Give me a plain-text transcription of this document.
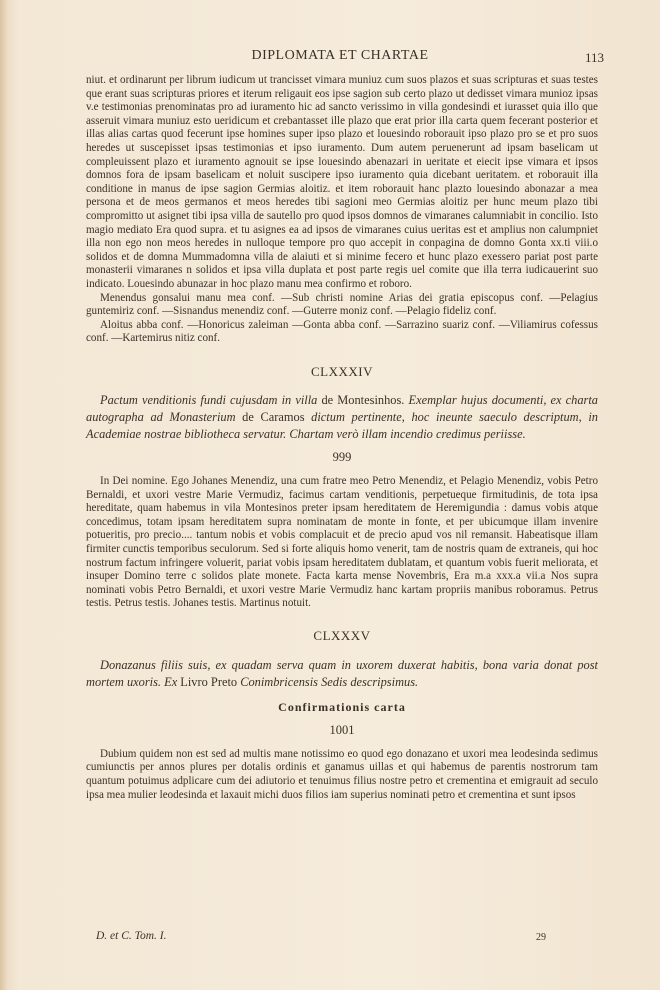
DIPLOMATA ET CHARTAE	113

niut. et ordinarunt per librum iudicum ut trancisset vimara muniuz cum suos plazos et suas scripturas et suas testes que erant suas scripturas priores et iterum religauit eos ipse sagion sub certo plazo ut dedisset vimara munioz ipsas v.e testimonias prenominatas pro ad iuramento hic ad sancto verissimo in villa gondesindi et iurasset quia illo que asseruit vimara muniuz esto ueridicum et crebantasset ille plazo que erat prior illa carta quem fecerant posterior et illas alias cartas quod fecerunt ipse homines super ipso plazo et louesindo roborauit ipso plazo pro se et pro suos heredes ut suscepisset ipsas testimonias et ipso iuramento. Dum autem peruenerunt ad ipsam baselicam ut compleuissent plazo et iuramento agnouit se ipse louesindo abenazari in ueritate et eiecit ipse vimara et ipsos domnos fora de ipsam baselicam et noluit suscipere ipso iuramento quia dicebant ueritatem. et roborauit illa conditione in manus de ipse sagion Germias aloitiz. et item roborauit hanc plazto louesindo abonazar a mea persona et de meos germanos et meos heredes tibi sagioni meo Germias aloitiz per hunc meum plazo tibi compromitto ut asignet tibi ipsa villa de sautello pro quod ipsos domnos de vimaranes calumniabit in concilio. Isto magio mediato Era quod supra. et tu asignes ea ad ipsos de vimaranes cuius ueritas est et amplius non calumpniet illa non ego non meos heredes in nulloque tempore pro quo accepit in conpagina de domno Gonta xx.ti viii.o solidos et de domna Mummadomna villa de alaiuti et si minime fecero et hunc plazo exessero pariat post parte monasterii vimaranes n solidos et ipsa villa duplata et post parte regis uel comite que illa terra iudicauerint suo indicato. Louesindo abunazar in hoc plazo manu mea confirmo et roboro.

Menendus gonsalui manu mea conf. —Sub christi nomine Arias dei gratia episcopus conf. —Pelagius guntemiriz conf. —Sisnandus menendiz conf. —Guterre moniz conf. —Pelagio fideliz conf.

Aloitus abba conf. —Honoricus zaleiman —Gonta abba conf. —Sarrazino suariz conf. —Viliamirus cofessus conf. —Kartemirus nitiz conf.

CLXXXIV

Pactum venditionis fundi cujusdam in villa de Montesinhos. Exemplar hujus documenti, ex charta autographa ad Monasterium de Caramos dictum pertinente, hoc ineunte saeculo descriptum, in Academiae nostrae bibliotheca servatur. Chartam verò illam incendio credimus periisse.

999

In Dei nomine. Ego Johanes Menendiz, una cum fratre meo Petro Menendiz, et Pelagio Menendiz, vobis Petro Bernaldi, et uxori vestre Marie Vermudiz, facimus cartam venditionis, perpetueque firmitudinis, de tota ipsa hereditate, quam habemus in vila Montesinos preter ipsam hereditatem de Heremigundia : damus vobis atque concedimus, totam ipsam hereditatem supra nominatam de monte in fonte, et per ubicumque illam invenire potueritis, pro precio.... tantum nobis et vobis complacuit et de precio apud vos nil remansit. Habeatisque illam firmiter cunctis temporibus seculorum. Sed si forte aliquis homo venerit, tam de nostris quam de extraneis, qui hoc nostrum factum infringere voluerit, pariat vobis ipsam hereditatem dublatam, et quantum vobis fuerit meliorata, et insuper Domino terre c solidos plate monete. Facta karta mense Novembris, Era m.a xxx.a vii.a Nos supra nominati vobis Petro Bernaldi, et uxori vestre Marie Vermudiz hanc kartam propriis manibus roboramus. Petrus testis. Petrus testis. Johanes testis. Martinus notuit.

CLXXXV

Donazanus filiis suis, ex quadam serva quam in uxorem duxerat habitis, bona varia donat post mortem uxoris. Ex Livro Preto Conimbricensis Sedis descripsimus.

Confirmationis carta

1001

Dubium quidem non est sed ad multis mane notissimo eo quod ego donazano et uxori mea leodesinda sedimus cumiunctis per annos plures per dotalis ordinis et ganamus uillas et qui habemus de parentis nostrorum tam quantum potuimus adplicare cum dei adiutorio et tenuimus filius nostre petro et crementina et emigrauit ad seculo ipsa mea mulier leodesinda et laxauit michi duos filios iam superius nominati petro et crementina et sunt ipsos

D. et C. Tom. I.	29
